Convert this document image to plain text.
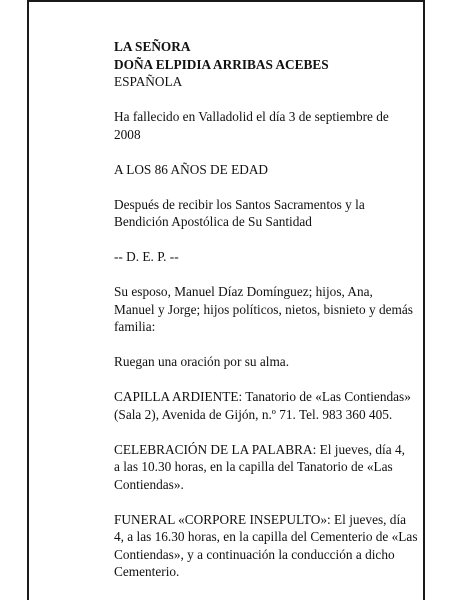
LA SEÑORA
DOÑA ELPIDIA ARRIBAS ACEBES
ESPAÑOLA
Ha fallecido en Valladolid el día 3 de septiembre de
2008
A LOS 86 AÑOS DE EDAD
Después de recibir los Santos Sacramentos y la
Bendición Apostólica de Su Santidad
-- D. E. P. --
Su esposo, Manuel Díaz Domínguez; hijos, Ana,
Manuel y Jorge; hijos políticos, nietos, bisnieto y demás
familia:
Ruegan una oración por su alma.
CAPILLA ARDIENTE: Tanatorio de «Las Contiendas»
(Sala 2), Avenida de Gijón, n.º 71. Tel. 983 360 405.
CELEBRACIÓN DE LA PALABRA: El jueves, día 4,
a las 10.30 horas, en la capilla del Tanatorio de «Las
Contiendas».
FUNERAL «CORPORE INSEPULTO»: El jueves, día
4, a las 16.30 horas, en la capilla del Cementerio de «Las
Contiendas», y a continuación la conducción a dicho
Cementerio.
